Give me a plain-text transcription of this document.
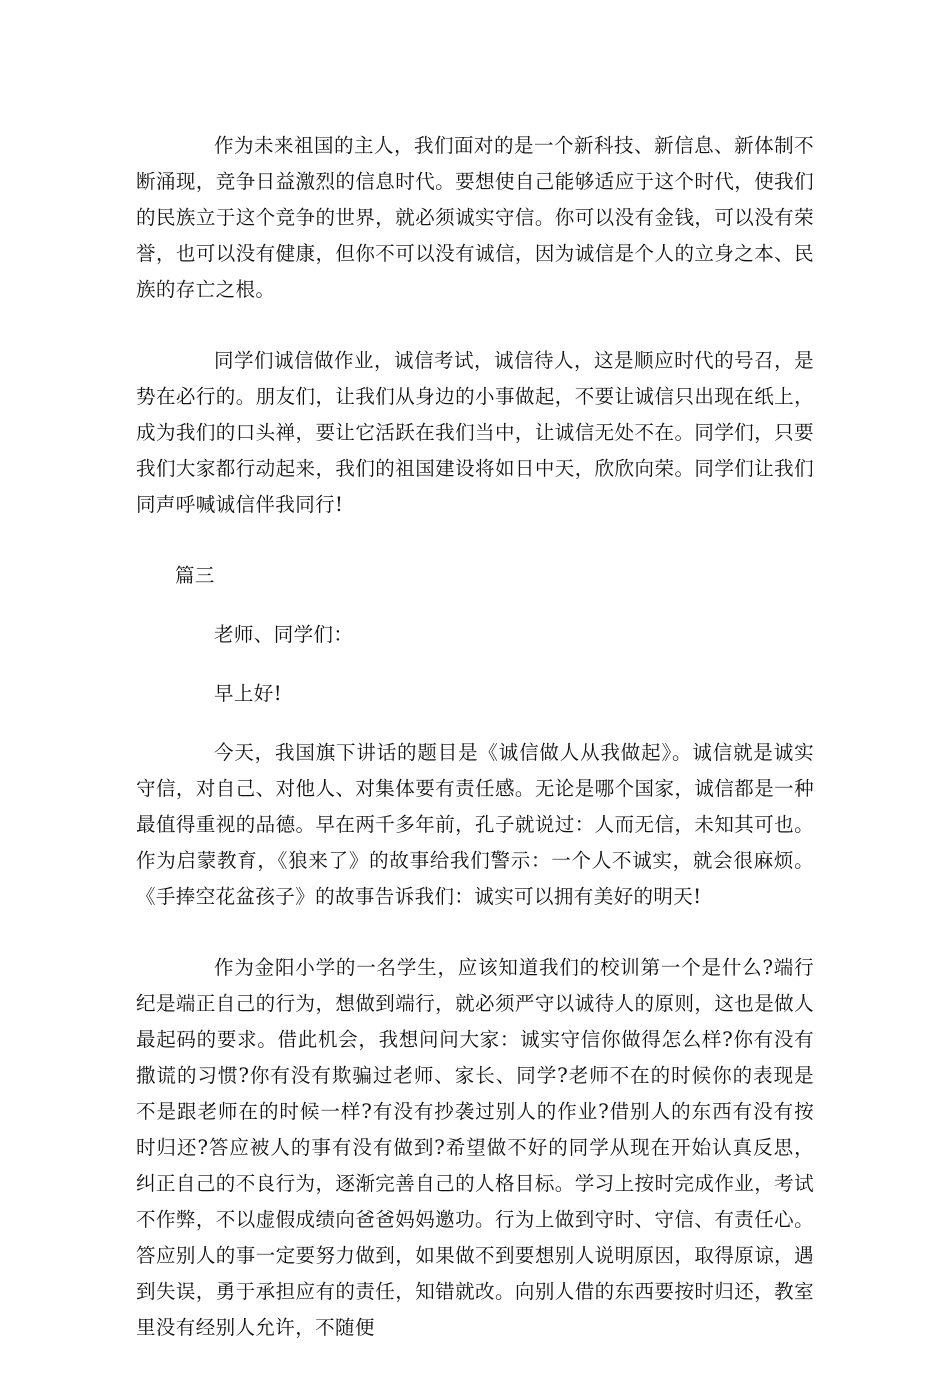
作为未来祖国的主人，我们面对的是一个新科技、新信息、新体制不断涌现，竞争日益激烈的信息时代。要想使自己能够适应于这个时代，使我们的民族立于这个竞争的世界，就必须诚实守信。你可以没有金钱，可以没有荣誉，也可以没有健康，但你不可以没有诚信，因为诚信是个人的立身之本、民族的存亡之根。

同学们诚信做作业，诚信考试，诚信待人，这是顺应时代的号召，是势在必行的。朋友们，让我们从身边的小事做起，不要让诚信只出现在纸上，成为我们的口头禅，要让它活跃在我们当中，让诚信无处不在。同学们，只要我们大家都行动起来，我们的祖国建设将如日中天，欣欣向荣。同学们让我们同声呼喊诚信伴我同行!

篇三

老师、同学们：

早上好!

今天，我国旗下讲话的题目是《诚信做人从我做起》。诚信就是诚实守信，对自己、对他人、对集体要有责任感。无论是哪个国家，诚信都是一种最值得重视的品德。早在两千多年前，孔子就说过：人而无信，未知其可也。作为启蒙教育，《狼来了》的故事给我们警示：一个人不诚实，就会很麻烦。《手捧空花盆孩子》的故事告诉我们：诚实可以拥有美好的明天!

作为金阳小学的一名学生，应该知道我们的校训第一个是什么?端行纪是端正自己的行为，想做到端行，就必须严守以诚待人的原则，这也是做人最起码的要求。借此机会，我想问问大家：诚实守信你做得怎么样?你有没有撒谎的习惯?你有没有欺骗过老师、家长、同学?老师不在的时候你的表现是不是跟老师在的时候一样?有没有抄袭过别人的作业?借别人的东西有没有按时归还?答应被人的事有没有做到?希望做不好的同学从现在开始认真反思，纠正自己的不良行为，逐渐完善自己的人格目标。学习上按时完成作业，考试不作弊，不以虚假成绩向爸爸妈妈邀功。行为上做到守时、守信、有责任心。答应别人的事一定要努力做到，如果做不到要想别人说明原因，取得原谅，遇到失误，勇于承担应有的责任，知错就改。向别人借的东西要按时归还，教室里没有经别人允许，不随便
